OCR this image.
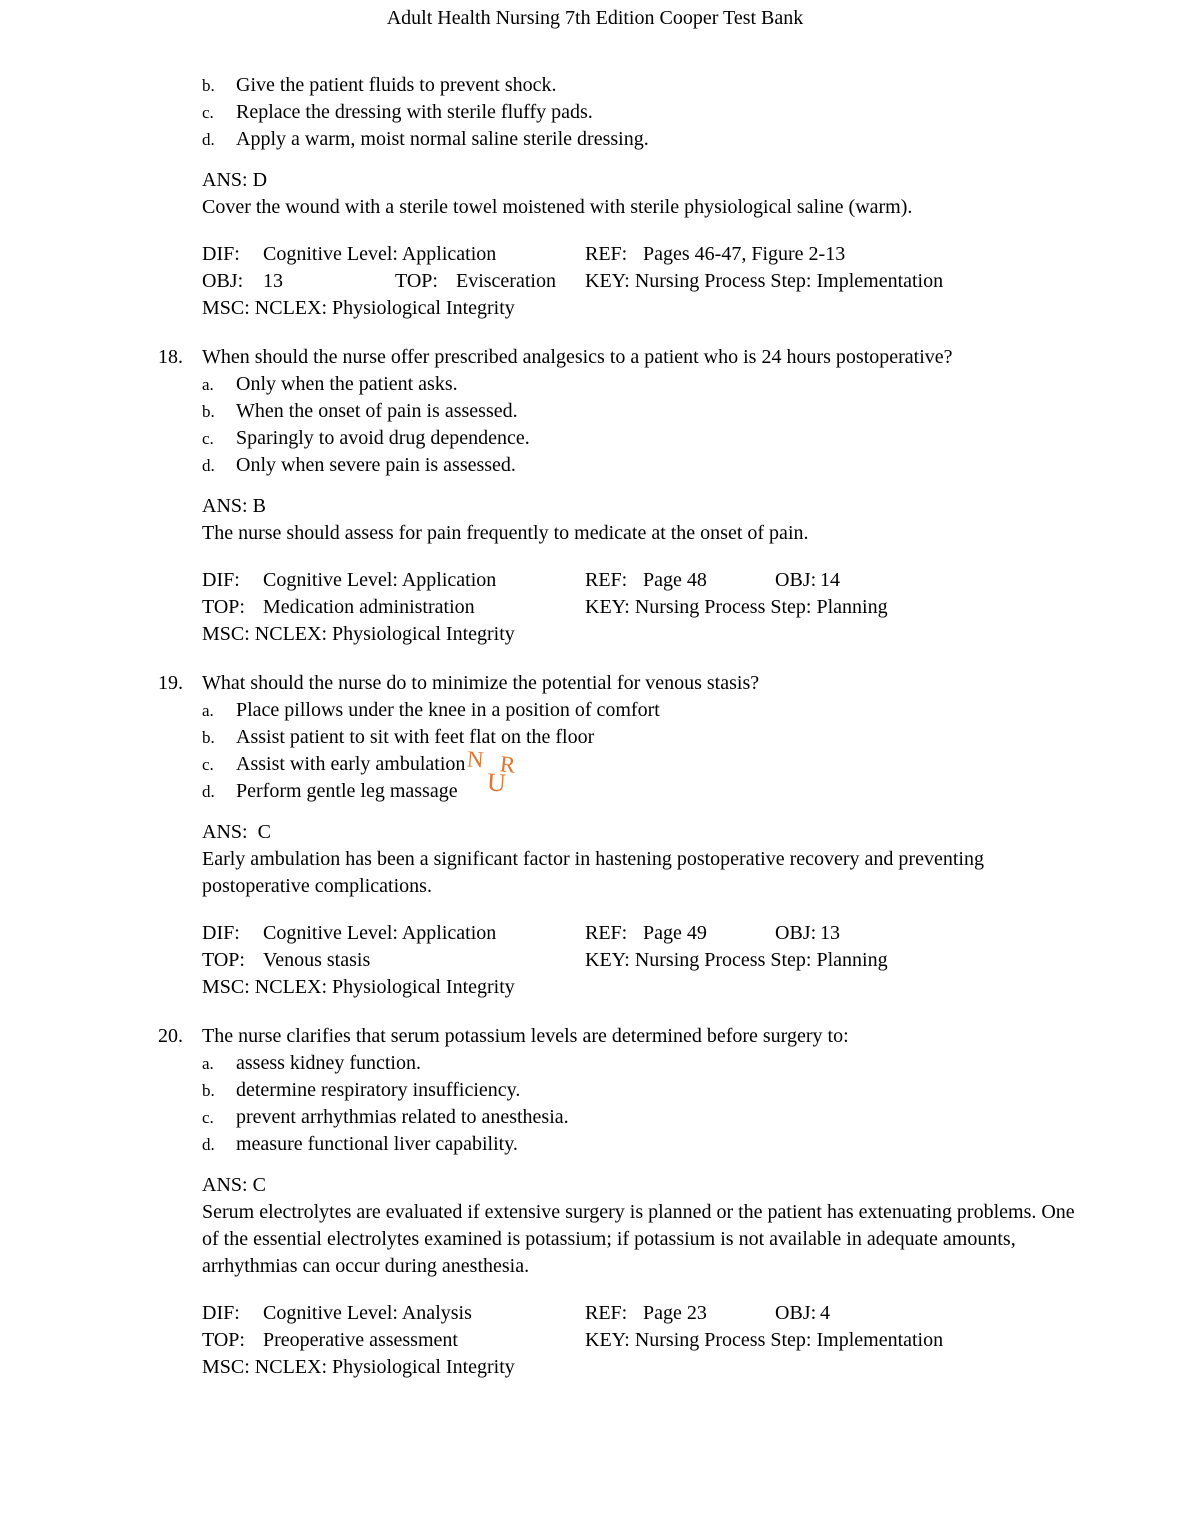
Adult Health Nursing 7th Edition Cooper Test Bank
b. Give the patient fluids to prevent shock.
c. Replace the dressing with sterile fluffy pads.
d. Apply a warm, moist normal saline sterile dressing.
ANS: D
Cover the wound with a sterile towel moistened with sterile physiological saline (warm).
DIF: Cognitive Level: Application	REF: Pages 46-47, Figure 2-13
OBJ: 13	TOP: Evisceration KEY: Nursing Process Step: Implementation
MSC: NCLEX: Physiological Integrity
18. When should the nurse offer prescribed analgesics to a patient who is 24 hours postoperative?
a. Only when the patient asks.
b. When the onset of pain is assessed.
c. Sparingly to avoid drug dependence.
d. Only when severe pain is assessed.
ANS: B
The nurse should assess for pain frequently to medicate at the onset of pain.
DIF: Cognitive Level: Application	REF: Page 48	OBJ: 14
TOP: Medication administration	KEY: Nursing Process Step: Planning
MSC: NCLEX: Physiological Integrity
19. What should the nurse do to minimize the potential for venous stasis?
a. Place pillows under the knee in a position of comfort
b. Assist patient to sit with feet flat on the floor
c. Assist with early ambulation
d. Perform gentle leg massage
ANS:  C
Early ambulation has been a significant factor in hastening postoperative recovery and preventing postoperative complications.
DIF: Cognitive Level: Application	REF: Page 49	OBJ: 13
TOP: Venous stasis	KEY: Nursing Process Step: Planning
MSC: NCLEX: Physiological Integrity
20. The nurse clarifies that serum potassium levels are determined before surgery to:
a. assess kidney function.
b. determine respiratory insufficiency.
c. prevent arrhythmias related to anesthesia.
d. measure functional liver capability.
ANS: C
Serum electrolytes are evaluated if extensive surgery is planned or the patient has extenuating problems. One of the essential electrolytes examined is potassium; if potassium is not available in adequate amounts, arrhythmias can occur during anesthesia.
DIF: Cognitive Level: Analysis	REF: Page 23	OBJ: 4
TOP: Preoperative assessment	KEY: Nursing Process Step: Implementation
MSC: NCLEX: Physiological Integrity
N R
U
